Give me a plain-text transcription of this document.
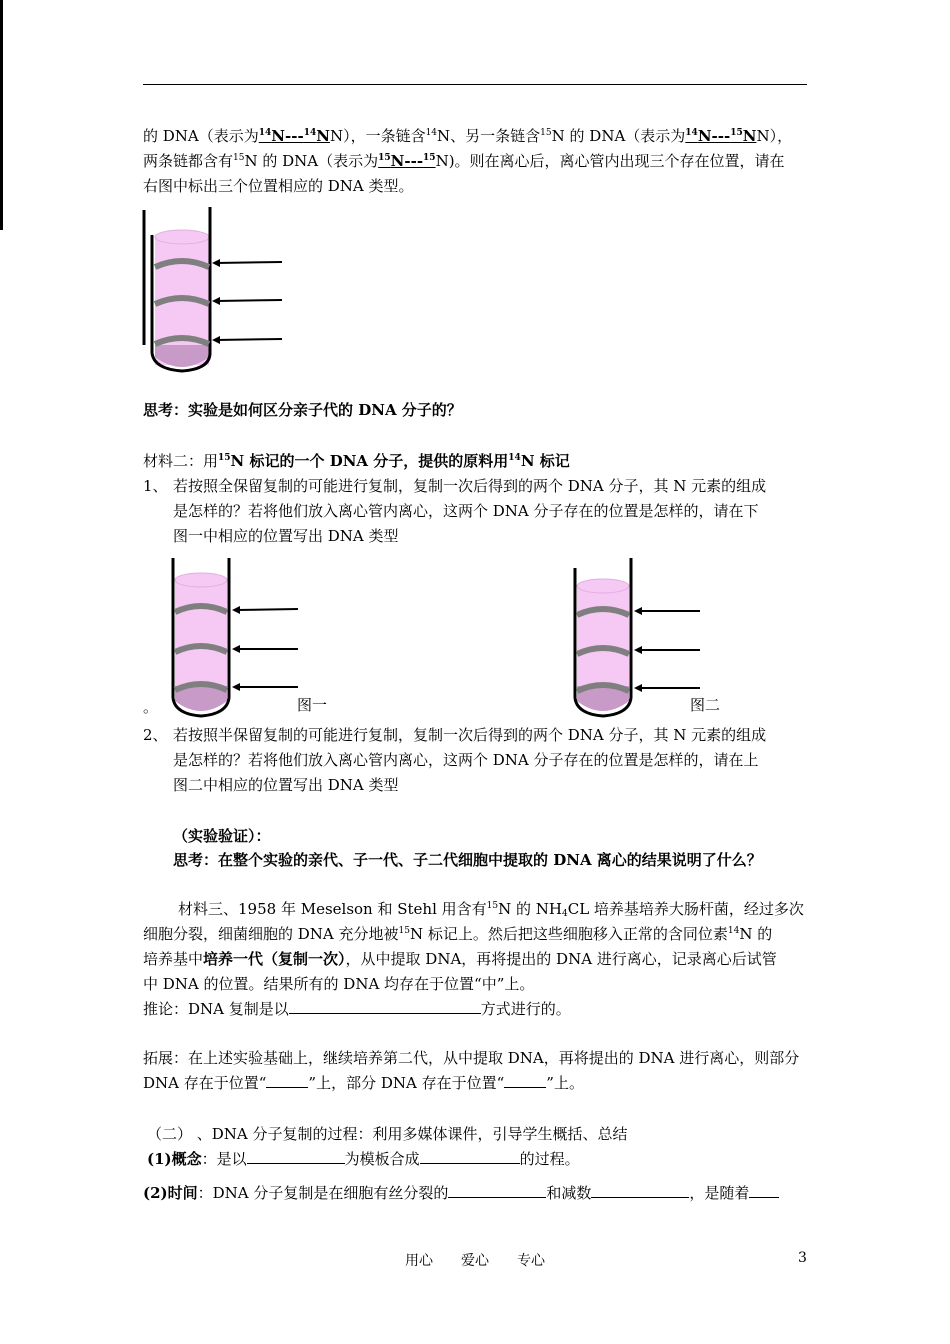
的 DNA（表示为$^{14}$N---$^{14}$NN），一条链含$^{14}$N、另一条链含$^{15}$N 的 DNA（表示为$^{14}$N---$^{15}$NN），
两条链都含有$^{15}$N 的 DNA（表示为$^{15}$N---$^{15}$N)。则在离心后，离心管内出现三个存在位置，请在
右图中标出三个位置相应的 DNA 类型。
思考：实验是如何区分亲子代的 DNA 分子的？
材料二：用$^{15}$N 标记的一个 DNA 分子，提供的原料用$^{14}$N 标记
1、 若按照全保留复制的可能进行复制，复制一次后得到的两个 DNA 分子，其 N 元素的组成
是怎样的？若将他们放入离心管内离心，这两个 DNA 分子存在的位置是怎样的，请在下
图一中相应的位置写出 DNA 类型
。	图一	图二
2、 若按照半保留复制的可能进行复制，复制一次后得到的两个 DNA 分子，其 N 元素的组成
是怎样的？若将他们放入离心管内离心，这两个 DNA 分子存在的位置是怎样的，请在上
图二中相应的位置写出 DNA 类型
（实验验证）：
思考：在整个实验的亲代、子一代、子二代细胞中提取的 DNA 离心的结果说明了什么？
材料三、1958 年 Meselson 和 Stehl 用含有$^{15}$N 的 $NH_4CL$ 培养基培养大肠杆菌，经过多次
细胞分裂，细菌细胞的 DNA 充分地被$^{15}$N 标记上。然后把这些细胞移入正常的含同位素$^{14}$N 的
培养基中培养一代（复制一次），从中提取 DNA，再将提出的 DNA 进行离心，记录离心后试管
中 DNA 的位置。结果所有的 DNA 均存在于位置“中”上。
推论：DNA 复制是以	方式进行的。
拓展：在上述实验基础上，继续培养第二代，从中提取 DNA，再将提出的 DNA 进行离心，则部分
DNA 存在于位置“	”上，部分 DNA 存在于位置“	”上。
（二） 、DNA 分子复制的过程：利用多媒体课件，引导学生概括、总结
(1)概念：是以	为模板合成	的过程。
(2)时间：DNA 分子复制是在细胞有丝分裂的	和减数	，是随着
用心 爱心 专心	3
